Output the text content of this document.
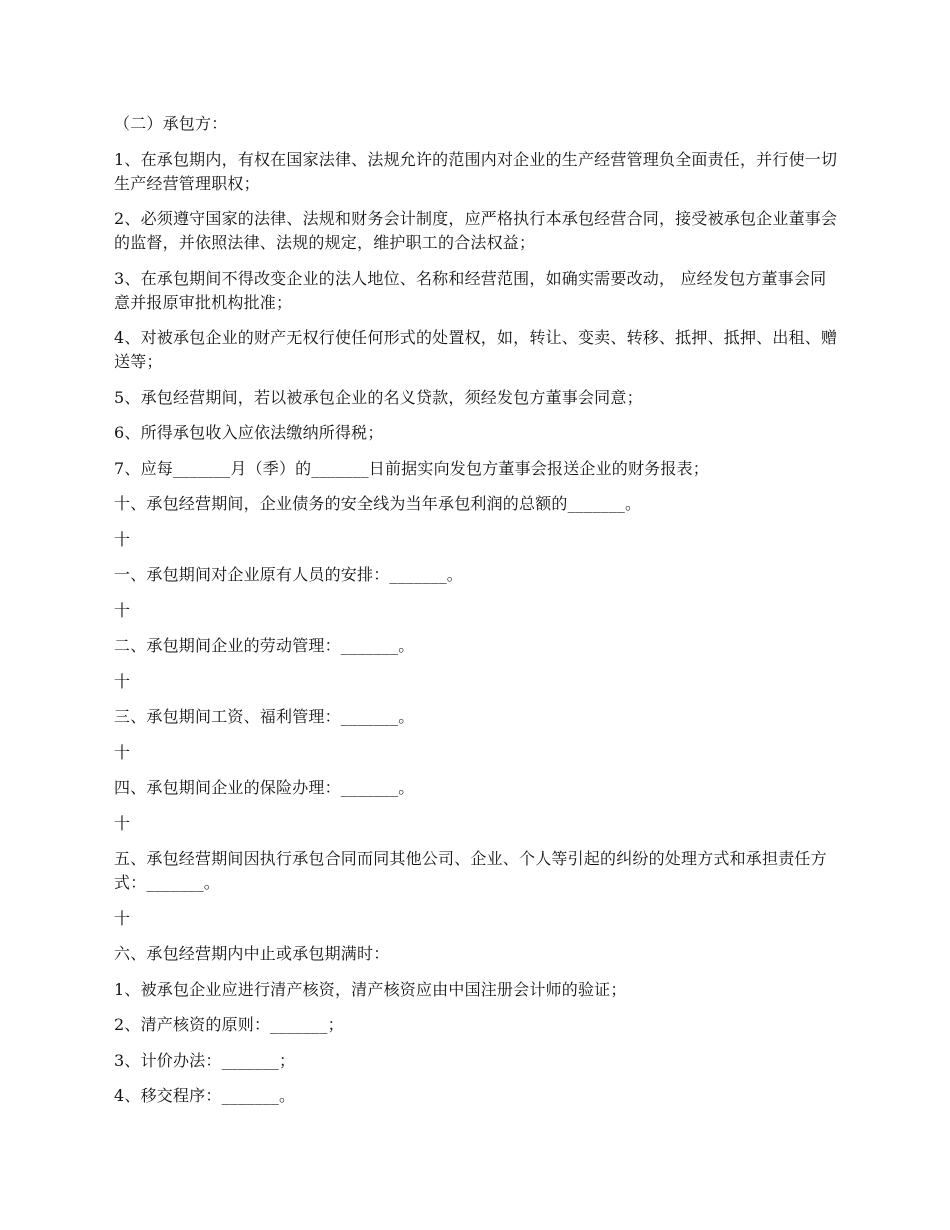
（二）承包方：

1、在承包期内，有权在国家法律、法规允许的范围内对企业的生产经营管理负全面责任，并行使一切生产经营管理职权；

2、必须遵守国家的法律、法规和财务会计制度，应严格执行本承包经营合同，接受被承包企业董事会的监督，并依照法律、法规的规定，维护职工的合法权益；

3、在承包期间不得改变企业的法人地位、名称和经营范围，如确实需要改动， 应经发包方董事会同意并报原审批机构批准；

4、对被承包企业的财产无权行使任何形式的处置权，如，转让、变卖、转移、抵押、抵押、出租、赠送等；

5、承包经营期间，若以被承包企业的名义贷款，须经发包方董事会同意；

6、所得承包收入应依法缴纳所得税；

7、应每_______月（季）的_______日前据实向发包方董事会报送企业的财务报表；

十、承包经营期间，企业债务的安全线为当年承包利润的总额的_______。

十

一、承包期间对企业原有人员的安排：_______。

十

二、承包期间企业的劳动管理：_______。

十

三、承包期间工资、福利管理：_______。

十

四、承包期间企业的保险办理：_______。

十

五、承包经营期间因执行承包合同而同其他公司、企业、个人等引起的纠纷的处理方式和承担责任方式：_______。

十

六、承包经营期内中止或承包期满时：

1、被承包企业应进行清产核资，清产核资应由中国注册会计师的验证；

2、清产核资的原则：_______；

3、计价办法：_______；

4、移交程序：_______。
